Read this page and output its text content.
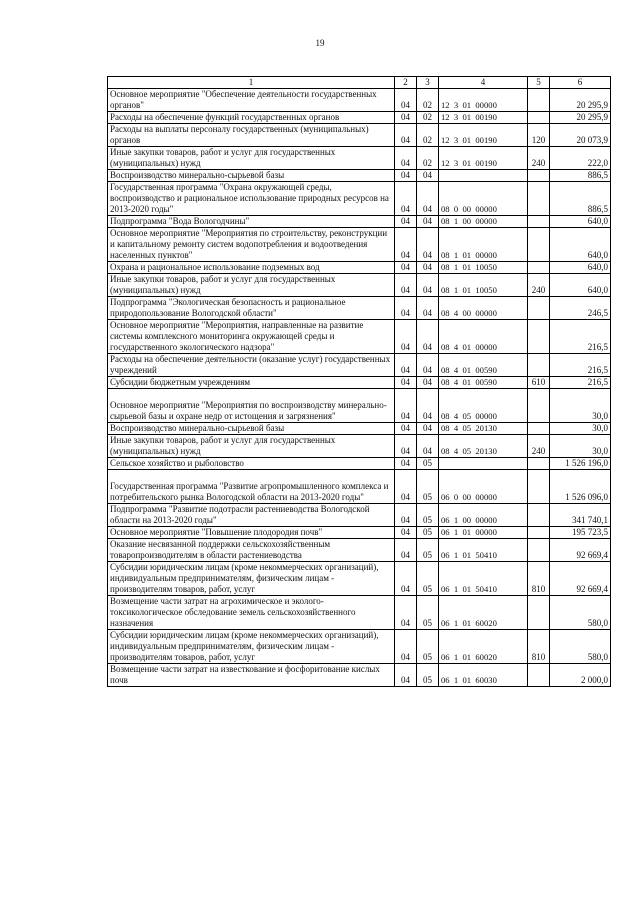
19
1	2	3	4	5	6
Основное мероприятие "Обеспечение деятельности государственных органов"	04	02	12  3  01  00000		20 295,9
Расходы на обеспечение функций государственных органов	04	02	12  3  01  00190		20 295,9
Расходы на выплаты персоналу государственных (муниципальных) органов	04	02	12  3  01  00190	120	20 073,9
Иные закупки товаров, работ и услуг для государственных (муниципальных) нужд	04	02	12  3  01  00190	240	222,0
Воспроизводство минерально-сырьевой базы	04	04			886,5
Государственная программа "Охрана окружающей среды, воспроизводство и рациональное использование природных ресурсов на 2013-2020 годы"	04	04	08  0  00  00000		886,5
Подпрограмма "Вода Вологодчины"	04	04	08  1  00  00000		640,0
Основное мероприятие "Мероприятия по строительству, реконструкции и капитальному ремонту систем водопотребления и водоотведения населенных пунктов"	04	04	08  1  01  00000		640,0
Охрана и рациональное использование подземных вод	04	04	08  1  01  10050		640,0
Иные закупки товаров, работ и услуг для государственных (муниципальных) нужд	04	04	08  1  01  10050	240	640,0
Подпрограмма "Экологическая безопасность и рациональное природопользование Вологодской области"	04	04	08  4  00  00000		246,5
Основное мероприятие "Мероприятия, направленные на развитие системы комплексного мониторинга окружающей среды и государственного экологического надзора"	04	04	08  4  01  00000		216,5
Расходы на обеспечение деятельности (оказание услуг) государственных учреждений	04	04	08  4  01  00590		216,5
Субсидии бюджетным учреждениям	04	04	08  4  01  00590	610	216,5
Основное мероприятие "Мероприятия по воспроизводству минерально-сырьевой базы и охране недр от истощения и загрязнения"	04	04	08  4  05  00000		30,0
Воспроизводство минерально-сырьевой базы	04	04	08  4  05  20130		30,0
Иные закупки товаров, работ и услуг для государственных (муниципальных) нужд	04	04	08  4  05  20130	240	30,0
Сельское хозяйство и рыболовство	04	05			1 526 196,0
Государственная программа "Развитие агропромышленного комплекса и потребительского рынка Вологодской области на 2013-2020 годы"	04	05	06  0  00  00000		1 526 096,0
Подпрограмма "Развитие подотрасли растениеводства Вологодской области на 2013-2020 годы"	04	05	06  1  00  00000		341 740,1
Основное мероприятие "Повышение плодородия почв"	04	05	06  1  01  00000		195 723,5
Оказание несвязанной поддержки сельскохозяйственным товаропроизводителям в области растениеводства	04	05	06  1  01  50410		92 669,4
Субсидии юридическим лицам (кроме некоммерческих организаций), индивидуальным предпринимателям, физическим лицам - производителям товаров, работ, услуг	04	05	06  1  01  50410	810	92 669,4
Возмещение части затрат на агрохимическое и эколого-токсикологическое обследование земель сельскохозяйственного назначения	04	05	06  1  01  60020		580,0
Субсидии юридическим лицам (кроме некоммерческих организаций), индивидуальным предпринимателям, физическим лицам - производителям товаров, работ, услуг	04	05	06  1  01  60020	810	580,0
Возмещение части затрат на известкование и фосфоритование кислых почв	04	05	06  1  01  60030		2 000,0
